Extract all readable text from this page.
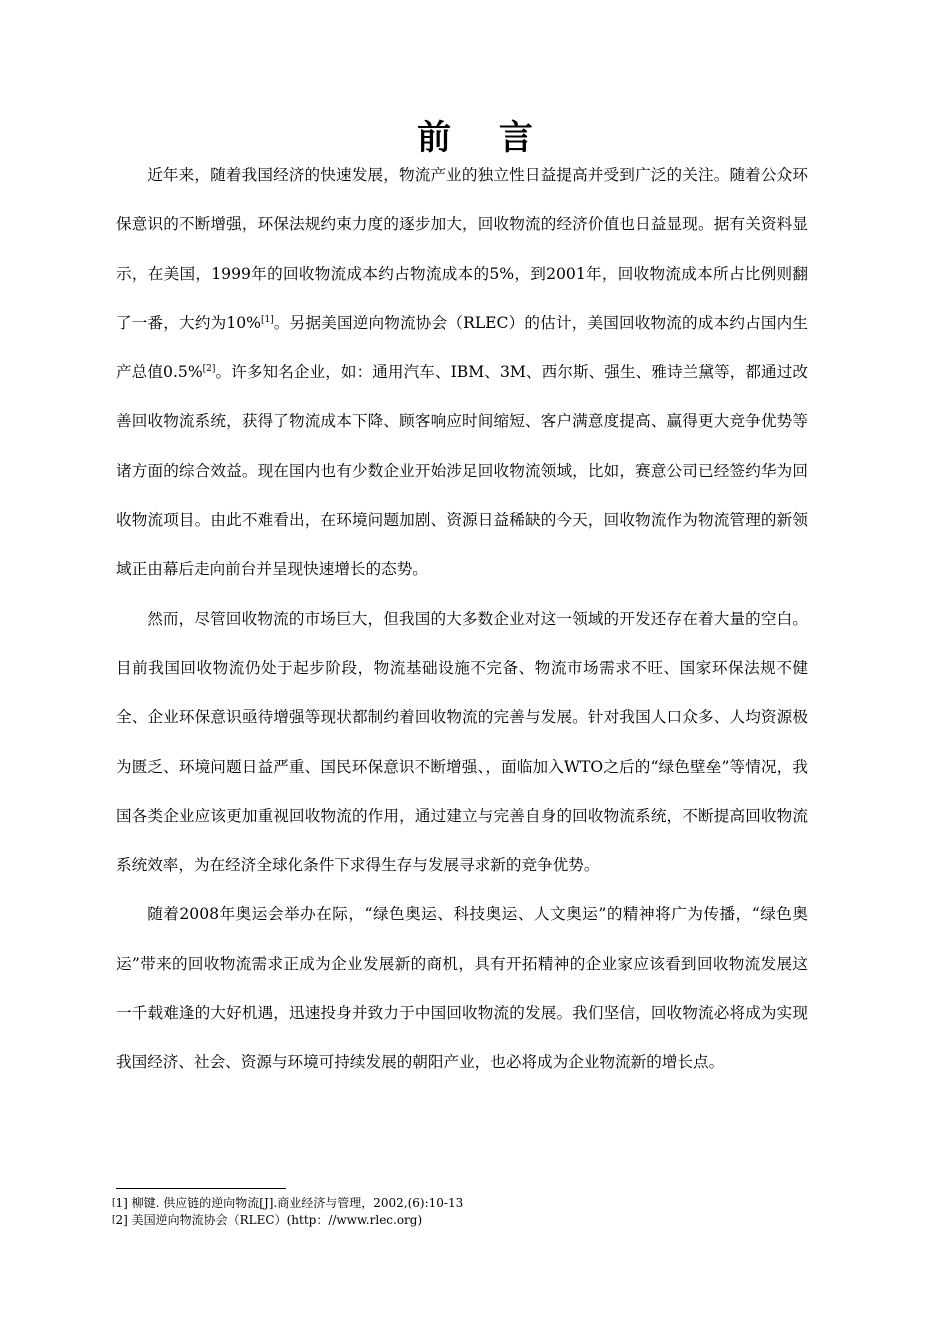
前 言

近年来，随着我国经济的快速发展，物流产业的独立性日益提高并受到广泛的关注。随着公众环保意识的不断增强，环保法规约束力度的逐步加大，回收物流的经济价值也日益显现。据有关资料显示，在美国，1999年的回收物流成本约占物流成本的5%，到2001年，回收物流成本所占比例则翻了一番，大约为10%[1]。另据美国逆向物流协会（RLEC）的估计，美国回收物流的成本约占国内生产总值0.5%[2]。许多知名企业，如：通用汽车、IBM、3M、西尔斯、强生、雅诗兰黛等，都通过改善回收物流系统，获得了物流成本下降、顾客响应时间缩短、客户满意度提高、赢得更大竞争优势等诸方面的综合效益。现在国内也有少数企业开始涉足回收物流领域，比如，赛意公司已经签约华为回收物流项目。由此不难看出，在环境问题加剧、资源日益稀缺的今天，回收物流作为物流管理的新领域正由幕后走向前台并呈现快速增长的态势。

然而，尽管回收物流的市场巨大，但我国的大多数企业对这一领域的开发还存在着大量的空白。目前我国回收物流仍处于起步阶段，物流基础设施不完备、物流市场需求不旺、国家环保法规不健全、企业环保意识亟待增强等现状都制约着回收物流的完善与发展。针对我国人口众多、人均资源极为匮乏、环境问题日益严重、国民环保意识不断增强、，面临加入WTO之后的“绿色壁垒”等情况，我国各类企业应该更加重视回收物流的作用，通过建立与完善自身的回收物流系统，不断提高回收物流系统效率，为在经济全球化条件下求得生存与发展寻求新的竞争优势。

随着2008年奥运会举办在际，“绿色奥运、科技奥运、人文奥运”的精神将广为传播，“绿色奥运”带来的回收物流需求正成为企业发展新的商机，具有开拓精神的企业家应该看到回收物流发展这一千载难逢的大好机遇，迅速投身并致力于中国回收物流的发展。我们坚信，回收物流必将成为实现我国经济、社会、资源与环境可持续发展的朝阳产业，也必将成为企业物流新的增长点。

[1] 柳键. 供应链的逆向物流[J].商业经济与管理，2002,(6):10-13
[2] 美国逆向物流协会（RLEC）(http：//www.rlec.org)
